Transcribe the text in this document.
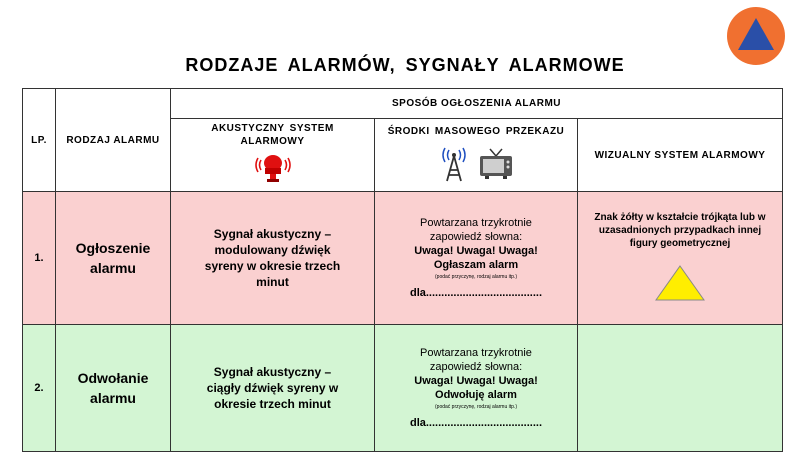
RODZAJE ALARMÓW, SYGNAŁY ALARMOWE
LP.	RODZAJ ALARMU	SPOSÓB OGŁOSZENIA ALARMU		

		AKUSTYCZNY SYSTEM ALARMOWY	ŚRODKI MASOWEGO PRZEKAZU	WIZUALNY SYSTEM ALARMOWY
1.	Ogłoszenie alarmu	Sygnał akustyczny – modulowany dźwięk syreny w okresie trzech minut	Powtarzana trzykrotnie zapowiedź słowna:
Uwaga! Uwaga! Uwaga! Ogłaszam alarm
(podać przyczynę, rodzaj alarmu itp.)
dla......................................	Znak żółty w kształcie trójkąta lub w uzasadnionych przypadkach innej figury geometrycznej

2.	Odwołanie alarmu	Sygnał akustyczny – ciągły dźwięk syreny w okresie trzech minut	Powtarzana trzykrotnie zapowiedź słowna:
Uwaga! Uwaga! Uwaga! Odwołuję alarm
(podać przyczynę, rodzaj alarmu itp.)
dla......................................	
